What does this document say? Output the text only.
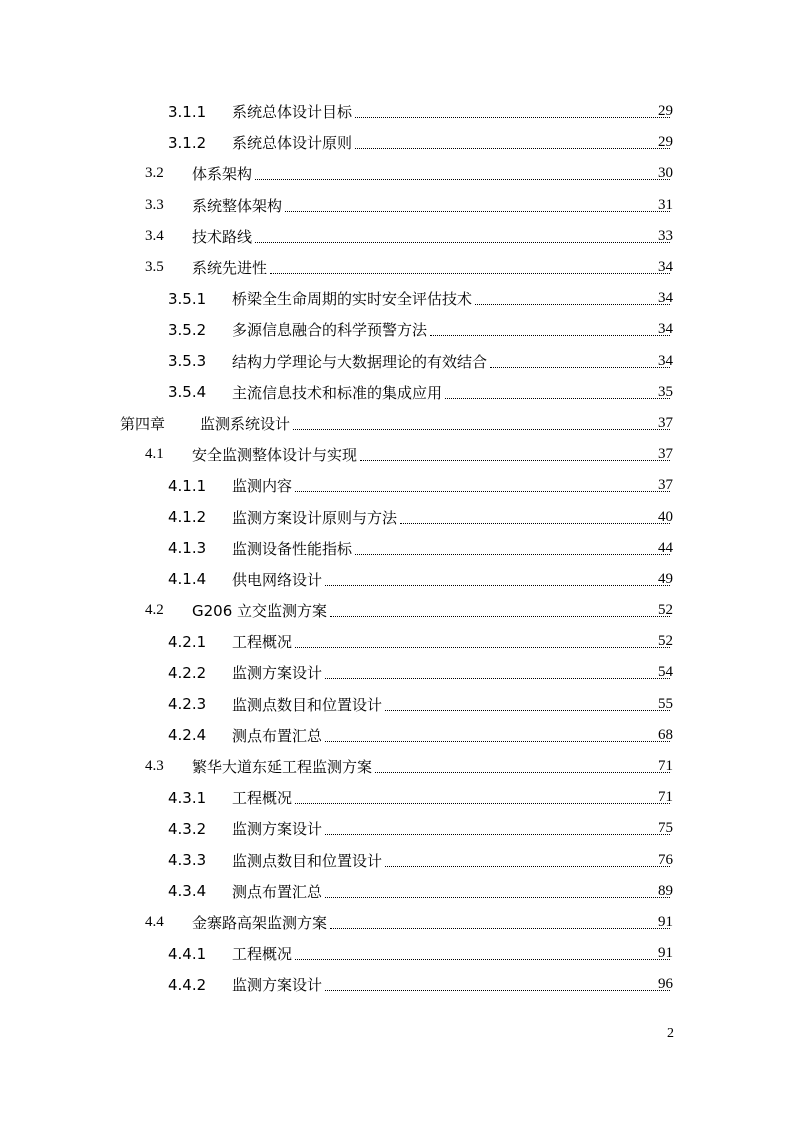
3.1.1	系统总体设计目标	29
3.1.2	系统总体设计原则	29
3.2	体系架构	30
3.3	系统整体架构	31
3.4	技术路线	33
3.5	系统先进性	34
3.5.1	桥梁全生命周期的实时安全评估技术	34
3.5.2	多源信息融合的科学预警方法	34
3.5.3	结构力学理论与大数据理论的有效结合	34
3.5.4	主流信息技术和标准的集成应用	35
第四章	监测系统设计	37
4.1	安全监测整体设计与实现	37
4.1.1	监测内容	37
4.1.2	监测方案设计原则与方法	40
4.1.3	监测设备性能指标	44
4.1.4	供电网络设计	49
4.2	G206 立交监测方案	52
4.2.1	工程概况	52
4.2.2	监测方案设计	54
4.2.3	监测点数目和位置设计	55
4.2.4	测点布置汇总	68
4.3	繁华大道东延工程监测方案	71
4.3.1	工程概况	71
4.3.2	监测方案设计	75
4.3.3	监测点数目和位置设计	76
4.3.4	测点布置汇总	89
4.4	金寨路高架监测方案	91
4.4.1	工程概况	91
4.4.2	监测方案设计	96
2
